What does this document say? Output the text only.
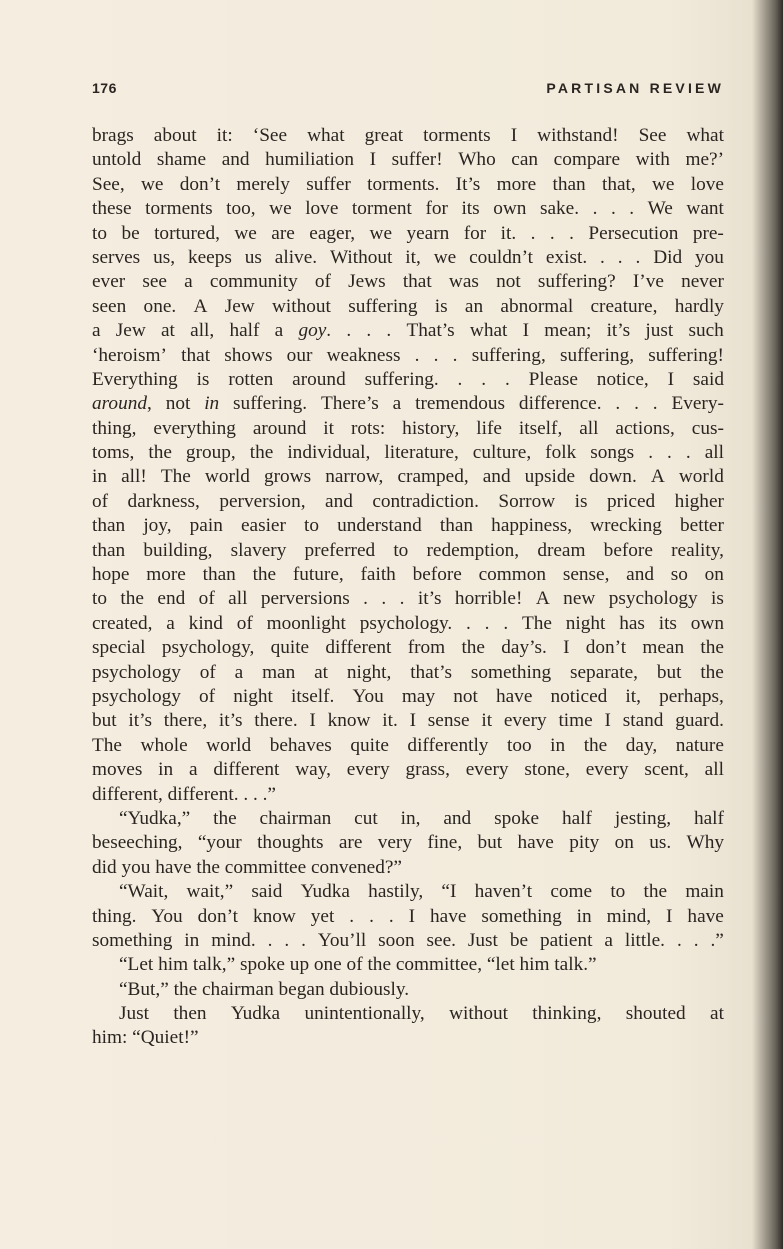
176	PARTISAN REVIEW
brags about it: ‘See what great torments I withstand! See what
untold shame and humiliation I suffer! Who can compare with me?’
See, we don’t merely suffer torments. It’s more than that, we love
these torments too, we love torment for its own sake. . . . We want
to be tortured, we are eager, we yearn for it. . . . Persecution pre-
serves us, keeps us alive. Without it, we couldn’t exist. . . . Did you
ever see a community of Jews that was not suffering? I’ve never
seen one. A Jew without suffering is an abnormal creature, hardly
a Jew at all, half a goy. . . . That’s what I mean; it’s just such
‘heroism’ that shows our weakness . . . suffering, suffering, suffering!
Everything is rotten around suffering. . . . Please notice, I said
around, not in suffering. There’s a tremendous difference. . . . Every-
thing, everything around it rots: history, life itself, all actions, cus-
toms, the group, the individual, literature, culture, folk songs . . . all
in all! The world grows narrow, cramped, and upside down. A world
of darkness, perversion, and contradiction. Sorrow is priced higher
than joy, pain easier to understand than happiness, wrecking better
than building, slavery preferred to redemption, dream before reality,
hope more than the future, faith before common sense, and so on
to the end of all perversions . . . it’s horrible! A new psychology is
created, a kind of moonlight psychology. . . . The night has its own
special psychology, quite different from the day’s. I don’t mean the
psychology of a man at night, that’s something separate, but the
psychology of night itself. You may not have noticed it, perhaps,
but it’s there, it’s there. I know it. I sense it every time I stand guard.
The whole world behaves quite differently too in the day, nature
moves in a different way, every grass, every stone, every scent, all
different, different. . . .”
“Yudka,” the chairman cut in, and spoke half jesting, half
beseeching, “your thoughts are very fine, but have pity on us. Why
did you have the committee convened?”
“Wait, wait,” said Yudka hastily, “I haven’t come to the main
thing. You don’t know yet . . . I have something in mind, I have
something in mind. . . . You’ll soon see. Just be patient a little. . . .”
“Let him talk,” spoke up one of the committee, “let him talk.”
“But,” the chairman began dubiously.
Just then Yudka unintentionally, without thinking, shouted at
him: “Quiet!”
